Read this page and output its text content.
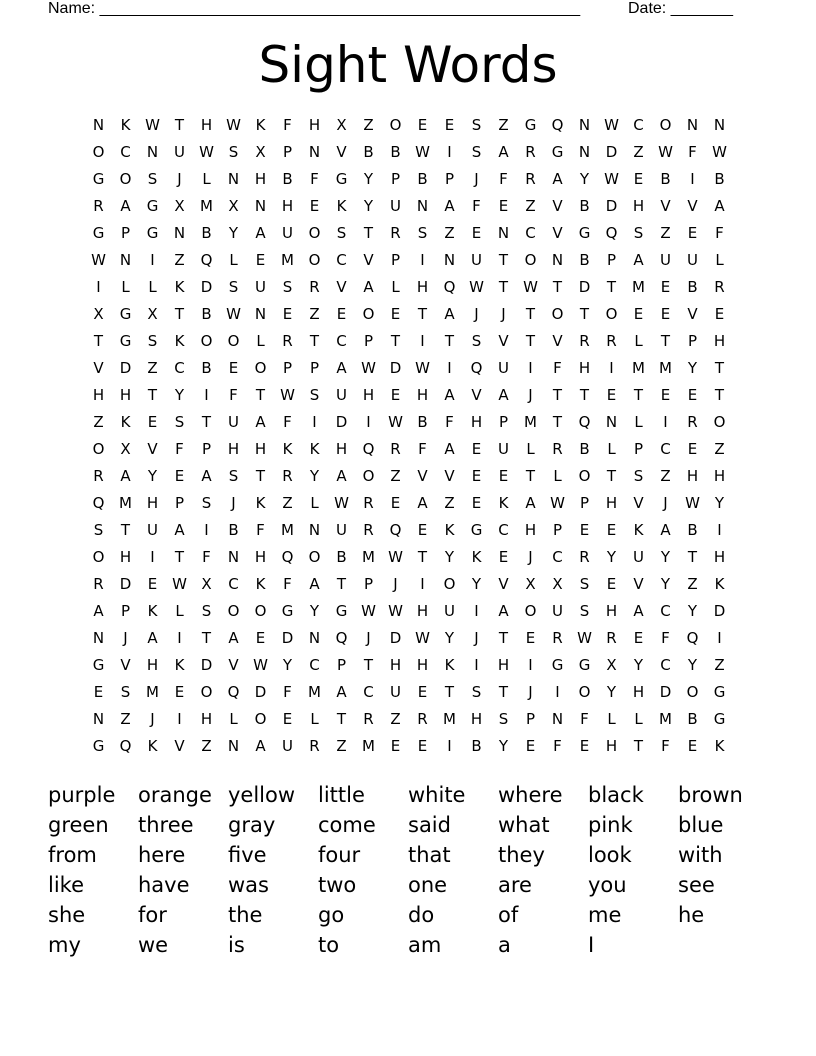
Name: ______________________________________________________	Date: _______
Sight Words
N	K W T	H W K	F	H	X	Z	O	E	E	S	Z	G	Q	N W C	O	N	N
O	C	N	U W S	X	P	N	V	B	B W	I	S	A	R	G	N	D	Z W	F	W
G	O	S	J	L	N	H	B	F	G	Y	P	B	P	J	F	R	A	Y	W E	B	I	B
R	A	G	X	M	X	N	H	E	K	Y	U	N	A	F	E	Z	V	B	D	H	V	V	A
G	P	G	N	B	Y	A	U	O	S	T	R	S	Z	E	N	C	V	G	Q	S	Z	E	F
W N	I	Z	Q	L	E	M O	C	V	P	I	N	U	T	O	N	B	P	A	U	U	L
I	L	L	K	D	S	U	S	R	V	A	L	H	Q W T	W T	D	T	M	E	B	R
X	G	X	T	B W N	E	Z	E	O	E	T	A	J	J	T	O	T	O	E	E	V	E
T	G	S	K	O	O	L	R	T	C	P	T	I	T	S	V	T	V	R	R	L	T	P	H
V	D	Z	C	B	E	O	P	P	A W D W	I	Q	U	I	F	H	I	M M	Y	T
H	H	T	Y	I	F	T	W S	U	H	E	H	A	V	A	J	T	T	E	T	E	E	T
Z	K	E	S	T	U	A	F	I	D	I	W B	F	H	P	M	T	Q	N	L	I	R	O
O	X	V	F	P	H	H	K	K	H	Q	R	F	A	E	U	L	R	B	L	P	C	E	Z
R	A	Y	E	A	S	T	R	Y	A	O	Z	V	V	E	E	T	L	O	T	S	Z	H	H
Q M H	P	S	J	K	Z	L	W R	E	A	Z	E	K	A W	P	H	V	J	W Y
S	T	U	A	I	B	F	M N	U	R	Q	E	K	G	C	H	P	E	E	K	A	B	I
O	H	I	T	F	N	H	Q	O	B	M W T	Y	K	E	J	C	R	Y	U	Y	T	H
R	D	E W X	C	K	F	A	T	P	J	I	O	Y	V	X	X	S	E	V	Y	Z	K
A	P	K	L	S	O	O	G	Y	G W W H	U	I	A	O	U	S	H	A	C	Y	D
N	J	A	I	T	A	E	D	N	Q	J	D W Y	J	T	E	R W R	E	F	Q	I
G	V	H	K	D	V W Y	C	P	T	H	H	K	I	H	I	G	G	X	Y	C	Y	Z
E	S	M	E	O	Q	D	F	M	A	C	U	E	T	S	T	J	I	O	Y	H	D	O	G
N	Z	J	I	H	L	O	E	L	T	R	Z	R	M H	S	P	N	F	L	L	M	B	G
G	Q	K	V	Z	N	A	U	R	Z	M	E	E	I	B	Y	E	F	E	H	T	F	E	K
purple	orange yellow	little	white	where	black	brown
green	three	gray	come	said	what	pink	blue
from	here	five	four	that	they	look	with
like	have	was	two	one	are	you	see
she	for	the	go	do	of	me	he
my	we	is	to	am	a	I
